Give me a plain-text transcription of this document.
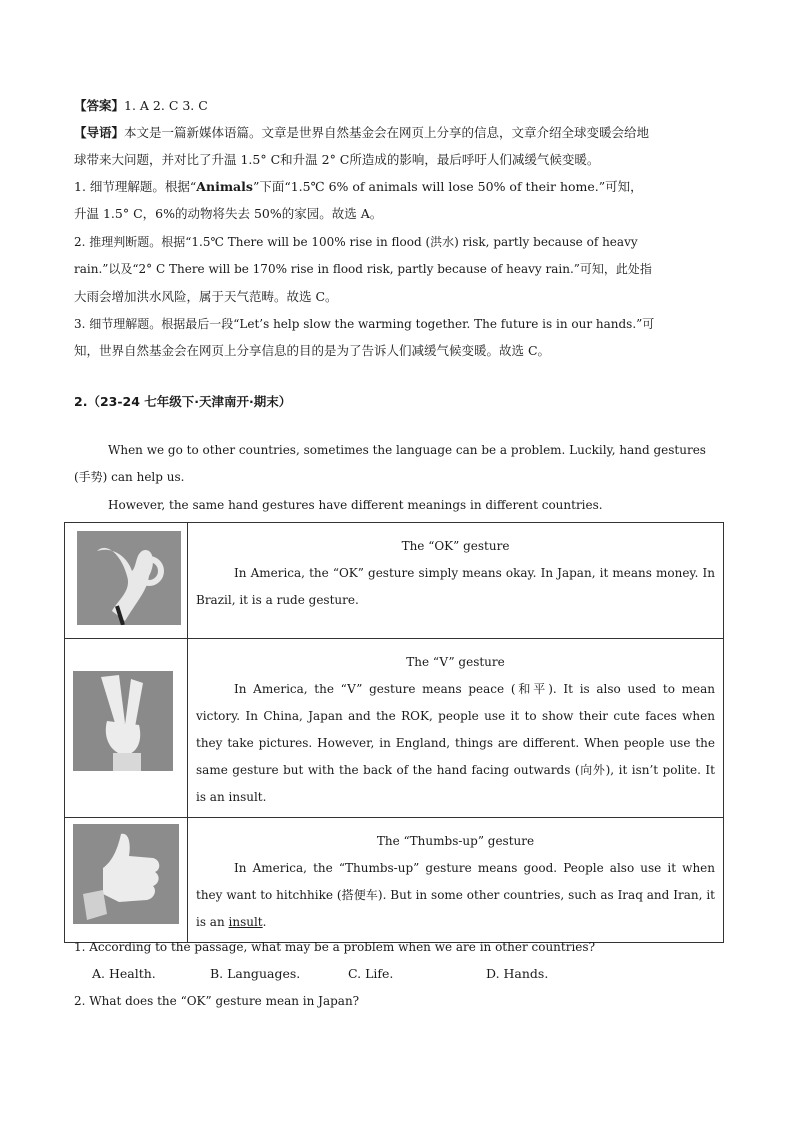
【答案】1. A 2. C 3. C
【导语】本文是一篇新媒体语篇。文章是世界自然基金会在网页上分享的信息，文章介绍全球变暖会给地
球带来大问题，并对比了升温 1.5° C和升温 2° C所造成的影响，最后呼吁人们减缓气候变暖。
1. 细节理解题。根据“Animals”下面“1.5℃ 6% of animals will lose 50% of their home.”可知，
升温 1.5° C，6%的动物将失去 50%的家园。故选 A。
2. 推理判断题。根据“1.5℃ There will be 100% rise in flood (洪水) risk, partly because of heavy
rain.”以及“2° C There will be 170% rise in flood risk, partly because of heavy rain.”可知，此处指
大雨会增加洪水风险，属于天气范畴。故选 C。
3. 细节理解题。根据最后一段“Let’s help slow the warming together. The future is in our hands.”可
知，世界自然基金会在网页上分享信息的目的是为了告诉人们减缓气候变暖。故选 C。
2.（23-24 七年级下·天津南开·期末）
When we go to other countries, sometimes the language can be a problem. Luckily, hand gestures
(手势) can help us.
However, the same hand gestures have different meanings in different countries.

The “OK” gesture
In America, the “OK” gesture simply means okay. In Japan, it means money. In Brazil, it is a rude gesture.

The “V” gesture
In America, the “V” gesture means peace (和平). It is also used to mean victory. In China, Japan and the ROK, people use it to show their cute faces when they take pictures. However, in England, things are different. When people use the same gesture but with the back of the hand facing outwards (向外), it isn’t polite. It is an insult.

The “Thumbs-up” gesture
In America, the “Thumbs-up” gesture means good. People also use it when they want to hitchhike (搭便车). But in some other countries, such as Iraq and Iran, it is an insult.
1. According to the passage, what may be a problem when we are in other countries?
A. Health.	B. Languages.	C. Life.	D. Hands.
2. What does the “OK” gesture mean in Japan?
